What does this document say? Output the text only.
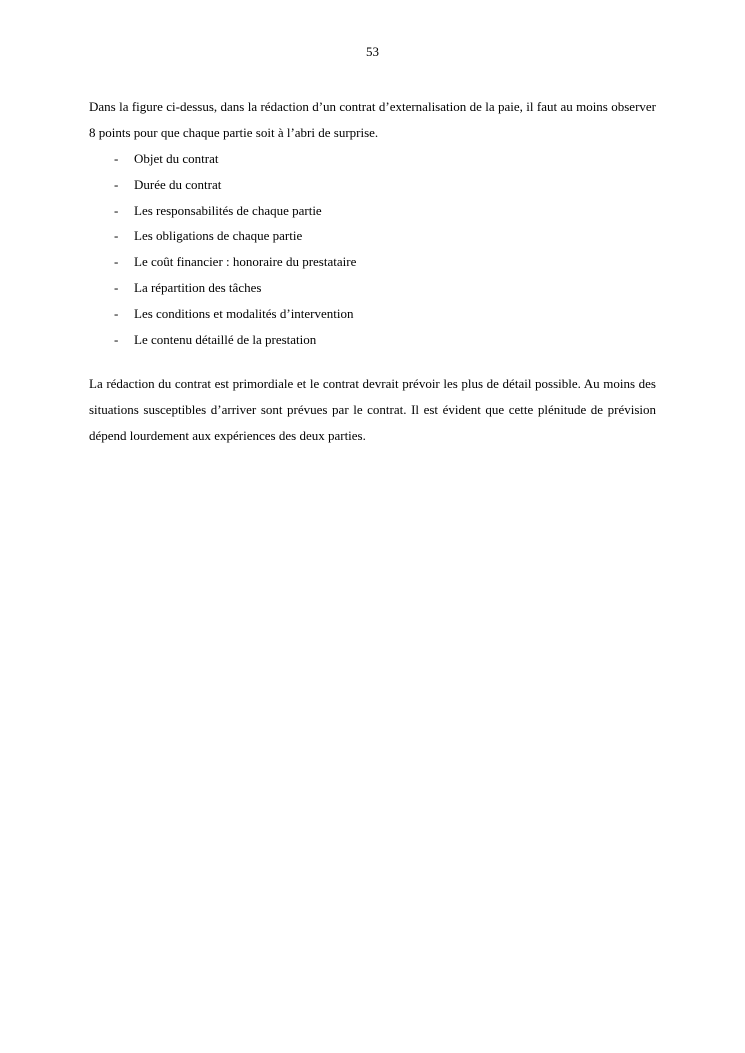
53

Dans la figure ci-dessus, dans la rédaction d’un contrat d’externalisation de la paie, il faut au moins observer 8 points pour que chaque partie soit à l’abri de surprise.

-	Objet du contrat
-	Durée du contrat
-	Les responsabilités de chaque partie
-	Les obligations de chaque partie
-	Le coût financier : honoraire du prestataire
-	La répartition des tâches
-	Les conditions et modalités d’intervention
-	Le contenu détaillé de la prestation

La rédaction du contrat est primordiale et le contrat devrait prévoir les plus de détail possible. Au moins des situations susceptibles d’arriver sont prévues par le contrat. Il est évident que cette plénitude de prévision dépend lourdement aux expériences des deux parties.
